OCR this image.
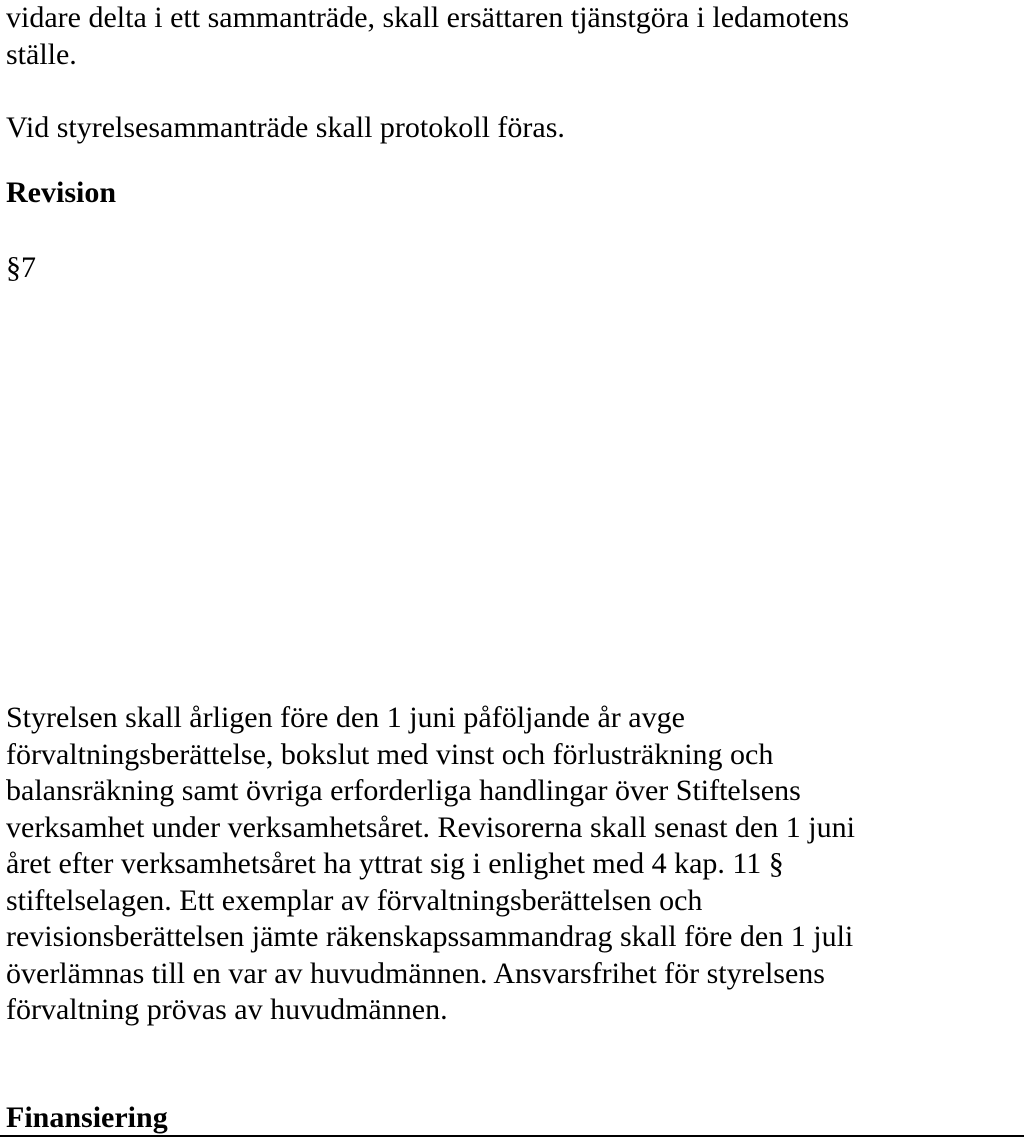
vidare delta i ett sammanträde, skall ersättaren tjänstgöra i ledamotens
ställe.

Vid styrelsesammanträde skall protokoll föras.

Revision

§7

Styrelsen skall årligen före den 1 juni påföljande år avge
förvaltningsberättelse, bokslut med vinst och förlusträkning och
balansräkning samt övriga erforderliga handlingar över Stiftelsens
verksamhet under verksamhetsåret. Revisorerna skall senast den 1 juni
året efter verksamhetsåret ha yttrat sig i enlighet med 4 kap. 11 §
stiftelselagen. Ett exemplar av förvaltningsberättelsen och
revisionsberättelsen jämte räkenskapssammandrag skall före den 1 juli
överlämnas till en var av huvudmännen. Ansvarsfrihet för styrelsens
förvaltning prövas av huvudmännen.

Finansiering
